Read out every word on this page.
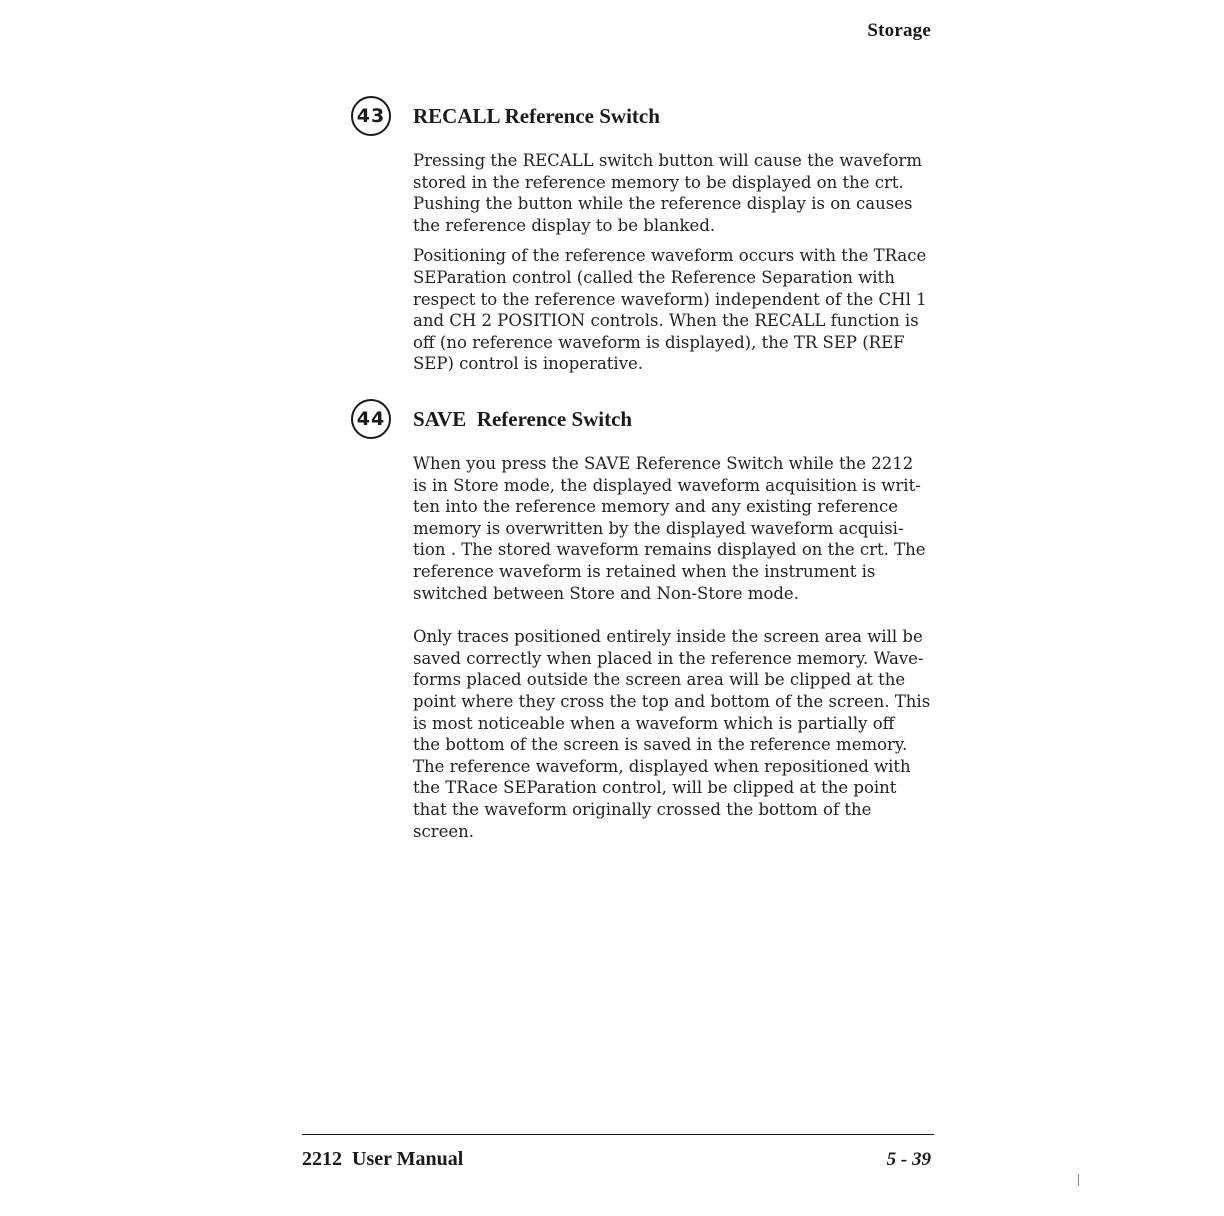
Storage
43 RECALL Reference Switch

Pressing the RECALL switch button will cause the waveform
stored in the reference memory to be displayed on the crt.
Pushing the button while the reference display is on causes
the reference display to be blanked.

Positioning of the reference waveform occurs with the TRace
SEParation control (called the Reference Separation with
respect to the reference waveform) independent of the CHl 1
and CH 2 POSITION controls. When the RECALL function is
off (no reference waveform is displayed), the TR SEP (REF
SEP) control is inoperative.

44 SAVE  Reference Switch

When you press the SAVE Reference Switch while the 2212
is in Store mode, the displayed waveform acquisition is writ-
ten into the reference memory and any existing reference
memory is overwritten by the displayed waveform acquisi-
tion . The stored waveform remains displayed on the crt. The
reference waveform is retained when the instrument is
switched between Store and Non-Store mode.

Only traces positioned entirely inside the screen area will be
saved correctly when placed in the reference memory. Wave-
forms placed outside the screen area will be clipped at the
point where they cross the top and bottom of the screen. This
is most noticeable when a waveform which is partially off
the bottom of the screen is saved in the reference memory.
The reference waveform, displayed when repositioned with
the TRace SEParation control, will be clipped at the point
that the waveform originally crossed the bottom of the
screen.

2212  User Manual	5 - 39
